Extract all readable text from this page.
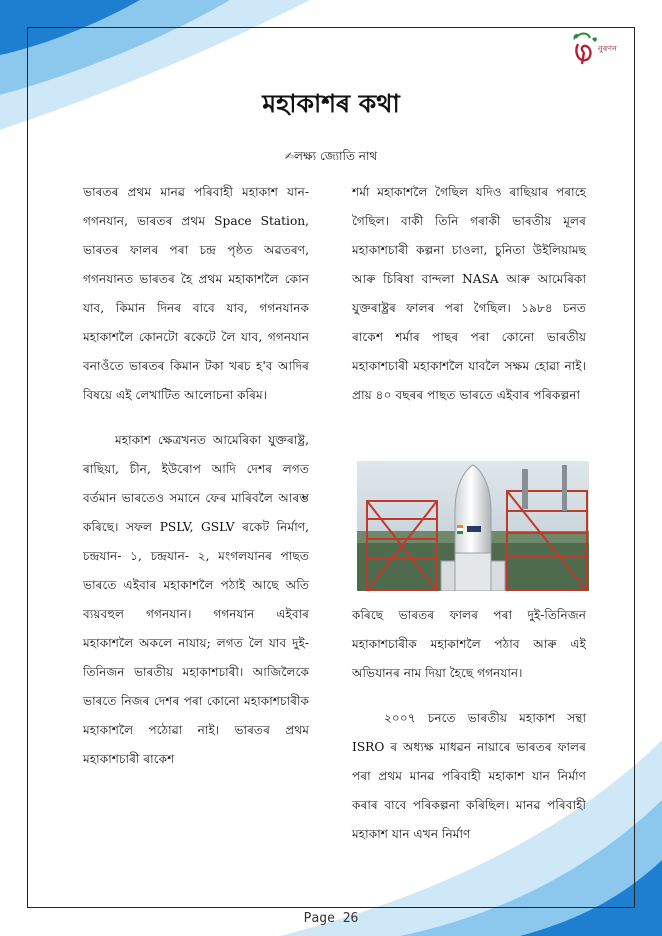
নুৰণন
মহাকাশৰ কথা
✍লক্ষ্য জ্যোতি নাথ

ভাৰতৰ প্ৰথম মানৱ পৰিবাহী মহাকাশ যান- গগনযান, ভাৰতৰ প্ৰথম Space Station, ভাৰতৰ ফালৰ পৰা চন্দ্ৰ পৃষ্ঠত অৱতৰণ, গগনযানত ভাৰতৰ হৈ প্ৰথম মহাকাশলৈ কোন যাব, কিমান দিনৰ বাবে যাব, গগনযানক মহাকাশলৈ কোনটো ৰকেটে লৈ যাব, গগনযান বনাওঁতে ভাৰতৰ কিমান টকা খৰচ হ'ব আদিৰ বিষয়ে এই লেখাটিত আলোচনা কৰিম।

মহাকাশ ক্ষেত্ৰখনত আমেৰিকা যুক্তৰাষ্ট্ৰ, ৰাছিয়া, চীন, ইউৰোপ আদি দেশৰ লগত বৰ্তমান ভাৰতেও সমানে ফেৰ মাৰিবলৈ আৰম্ভ কৰিছে। সফল PSLV, GSLV ৰকেট নিৰ্মাণ, চন্দ্ৰযান- ১, চন্দ্ৰযান- ২, মংগলযানৰ পাছত ভাৰতে এইবাৰ মহাকাশলৈ পঠাই আছে অতি ব্যয়বহুল গগনযান। গগনযান এইবাৰ মহাকাশলৈ অকলে নাযায়; লগত লৈ যাব দুই-তিনিজন ভাৰতীয় মহাকাশচাৰী। আজিলৈকে ভাৰতে নিজৰ দেশৰ পৰা কোনো মহাকাশচাৰীক মহাকাশলৈ পঠোৱা নাই। ভাৰতৰ প্ৰথম মহাকাশচাৰী ৰাকেশ

শৰ্মা মহাকাশলৈ গৈছিল যদিও ৰাছিয়াৰ পৰাহে গৈছিল। বাকী তিনি গৰাকী ভাৰতীয় মূলৰ মহাকাশচাৰী কল্পনা চাওলা, চুনিতা উইলিয়ামছ আৰু চিৰিষা বান্দলা NASA আৰু আমেৰিকা যুক্তৰাষ্ট্ৰৰ ফালৰ পৰা গৈছিল। ১৯৮৪ চনত ৰাকেশ শৰ্মাৰ পাছৰ পৰা কোনো ভাৰতীয় মহাকাশচাৰী মহাকাশলৈ যাবলৈ সক্ষম হোৱা নাই। প্ৰায় ৪০ বছৰৰ পাছত ভাৰতে এইবাৰ পৰিকল্পনা

কৰিছে ভাৰতৰ ফালৰ পৰা দুই-তিনিজন মহাকাশচাৰীক মহাকাশলৈ পঠাব আৰু এই অভিযানৰ নাম দিয়া হৈছে গগনযান।

২০০৭ চনতে ভাৰতীয় মহাকাশ সন্থা ISRO ৰ অধ্যক্ষ মাধৱন নায়াৰে ভাৰতৰ ফালৰ পৰা প্ৰথম মানৱ পৰিবাহী মহাকাশ যান নিৰ্মাণ কৰাৰ বাবে পৰিকল্পনা কৰিছিল। মানৱ পৰিবাহী মহাকাশ যান এখন নিৰ্মাণ

Page 26
